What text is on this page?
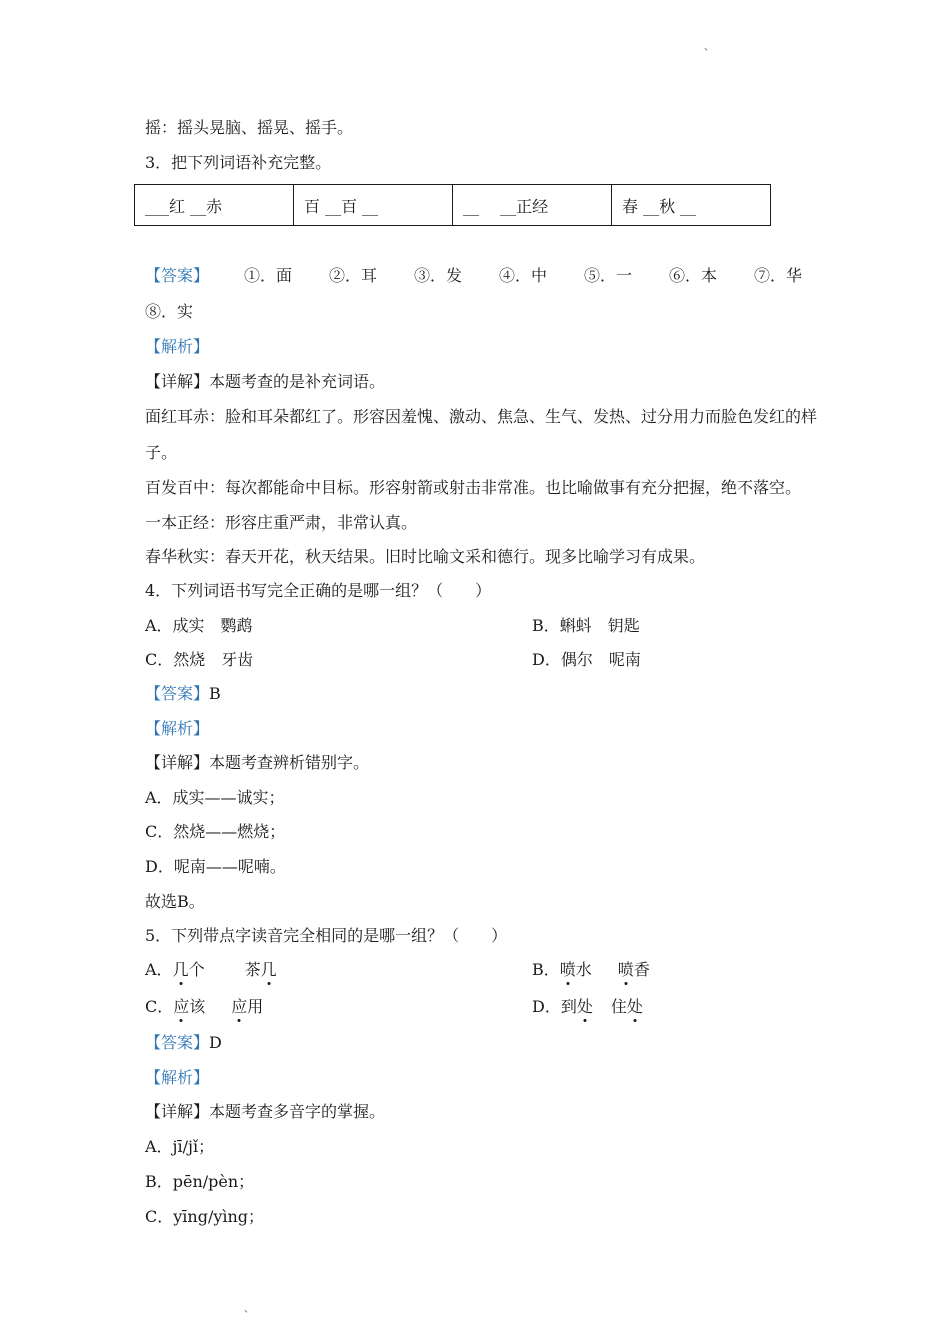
、
摇：摇头晃脑、摇晃、摇手。
3．把下列词语补充完整。
___红 __赤	百 __百 __	__ 　__正经	春 __秋 __
【答案】 ①．面 ②．耳 ③．发 ④．中 ⑤．一 ⑥．本 ⑦．华
⑧．实
【解析】
【详解】本题考查的是补充词语。
面红耳赤：脸和耳朵都红了。形容因羞愧、激动、焦急、生气、发热、过分用力而脸色发红的样
子。
百发百中：每次都能命中目标。形容射箭或射击非常准。也比喻做事有充分把握，绝不落空。
一本正经：形容庄重严肃，非常认真。
春华秋实：春天开花，秋天结果。旧时比喻文采和德行。现多比喻学习有成果。
4．下列词语书写完全正确的是哪一组？（　　）
A．成实　鹦鹉	B．蝌蚪　钥匙
C．然烧　牙齿	D．偶尔　呢南
【答案】B
【解析】
【详解】本题考查辨析错别字。
A．成实——诚实；
C．然烧——燃烧；
D．呢南——呢喃。
故选B。
5．下列带点字读音完全相同的是哪一组？（　　）
A．几个	茶几	B．喷水 喷香
C．应该 应用	D．到处 住处
【答案】D
【解析】
【详解】本题考查多音字的掌握。
A．jī/jǐ；
B．pēn/pèn；
C．yīng/yìng；
、
